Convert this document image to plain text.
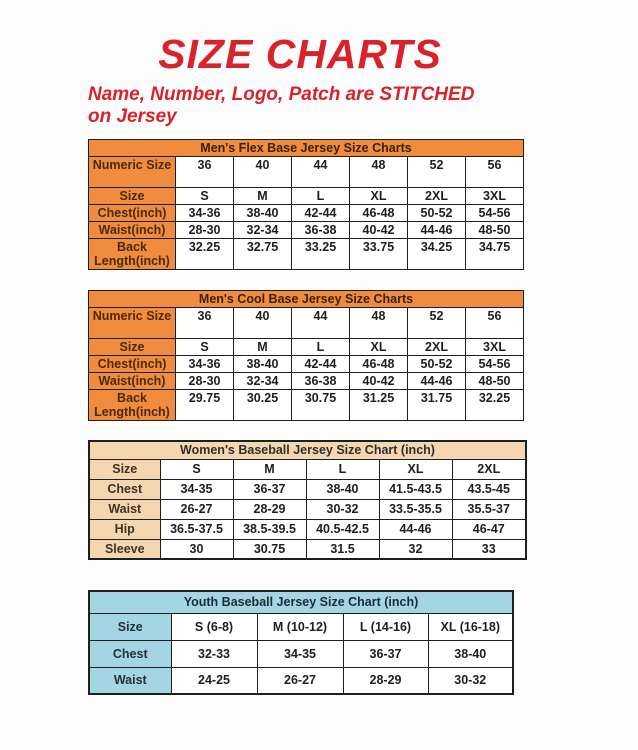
SIZE CHARTS
Name, Number, Logo, Patch are STITCHED
on Jersey
Men's Flex Base Jersey Size Charts						
Numeric Size	36	40	44	48	52	56
Size	S	M	L	XL	2XL	3XL
Chest(inch)	34-36	38-40	42-44	46-48	50-52	54-56
Waist(inch)	28-30	32-34	36-38	40-42	44-46	48-50
Back Length(inch)	32.25	32.75	33.25	33.75	34.25	34.75
Men's Cool Base Jersey Size Charts						
Numeric Size	36	40	44	48	52	56
Size	S	M	L	XL	2XL	3XL
Chest(inch)	34-36	38-40	42-44	46-48	50-52	54-56
Waist(inch)	28-30	32-34	36-38	40-42	44-46	48-50
Back Length(inch)	29.75	30.25	30.75	31.25	31.75	32.25
Women's Baseball Jersey Size Chart (inch)					
Size	S	M	L	XL	2XL
Chest	34-35	36-37	38-40	41.5-43.5	43.5-45
Waist	26-27	28-29	30-32	33.5-35.5	35.5-37
Hip	36.5-37.5	38.5-39.5	40.5-42.5	44-46	46-47
Sleeve	30	30.75	31.5	32	33
Youth Baseball Jersey Size Chart (inch)				
Size	S (6-8)	M (10-12)	L (14-16)	XL (16-18)
Chest	32-33	34-35	36-37	38-40
Waist	24-25	26-27	28-29	30-32
